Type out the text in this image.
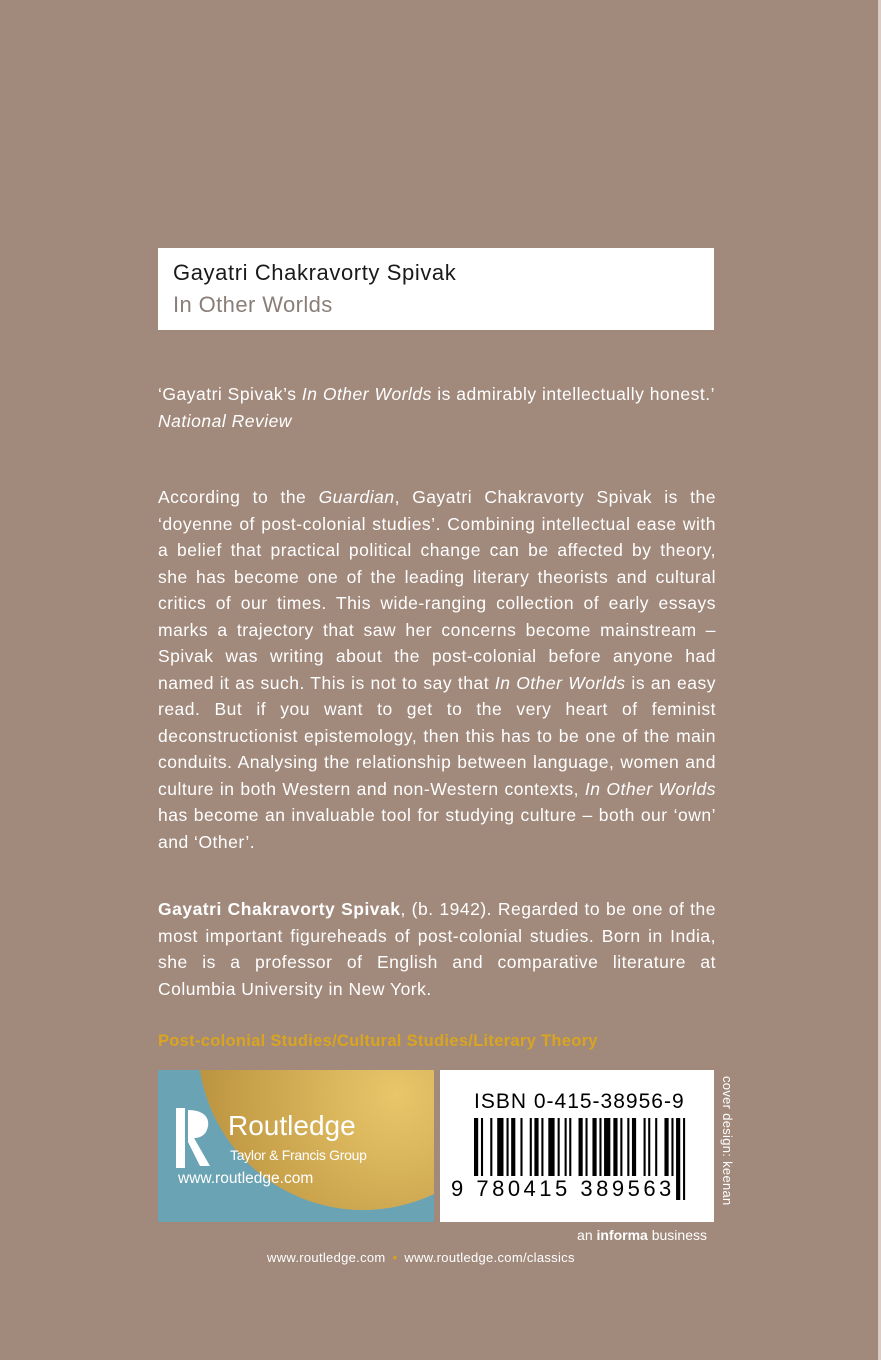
Gayatri Chakravorty Spivak
In Other Worlds
‘Gayatri Spivak’s In Other Worlds is admirably intellectually honest.’
National Review
According to the Guardian, Gayatri Chakravorty Spivak is the ‘doyenne of post-colonial studies’. Combining intellectual ease with a belief that practical political change can be affected by theory, she has become one of the leading literary theorists and cultural critics of our times. This wide-ranging collection of early essays marks a trajectory that saw her concerns become mainstream – Spivak was writing about the post-colonial before anyone had named it as such. This is not to say that In Other Worlds is an easy read. But if you want to get to the very heart of feminist deconstructionist epistemology, then this has to be one of the main conduits. Analysing the relationship between language, women and culture in both Western and non-Western contexts, In Other Worlds has become an invaluable tool for studying culture – both our ‘own’ and ‘Other’.
Gayatri Chakravorty Spivak, (b. 1942). Regarded to be one of the most important figureheads of post-colonial studies. Born in India, she is a professor of English and comparative literature at Columbia University in New York.
Post-colonial Studies/Cultural Studies/Literary Theory
Routledge
Taylor & Francis Group
www.routledge.com
ISBN 0-415-38956-9
9 780415 389563	cover design: keenan
an informa business
www.routledge.com • www.routledge.com/classics
